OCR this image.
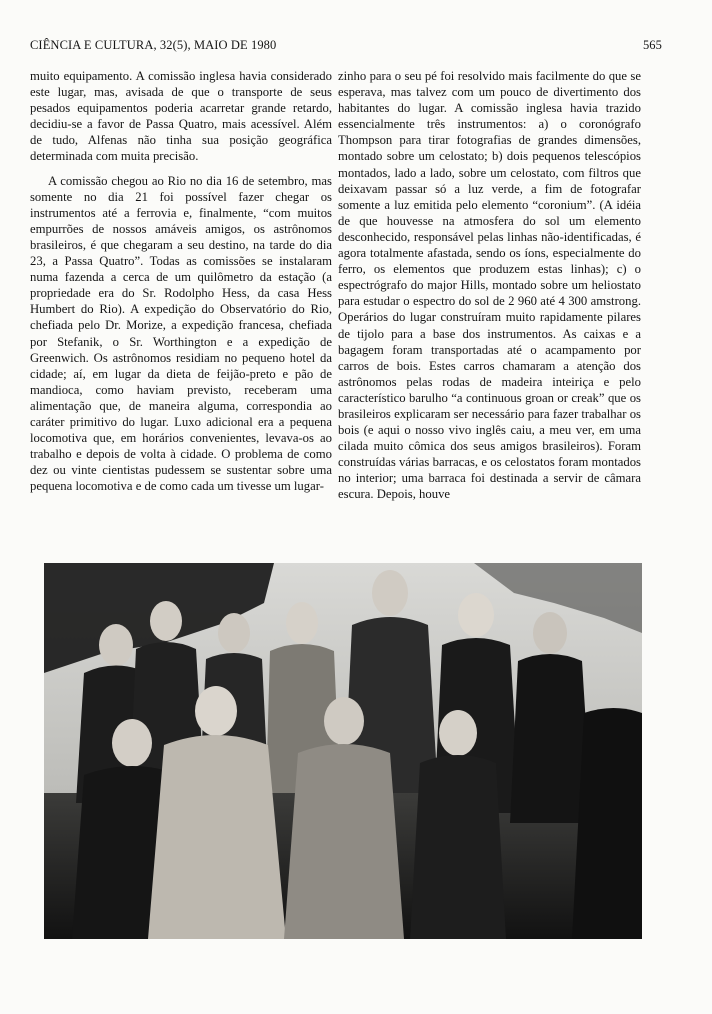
CIÊNCIA E CULTURA, 32(5), MAIO DE 1980	565

muito equipamento. A comissão inglesa havia considerado este lugar, mas, avisada de que o transporte de seus pesados equipamentos poderia acarretar grande retardo, decidiu-se a favor de Passa Quatro, mais acessível. Além de tudo, Alfenas não tinha sua posição geográfica determinada com muita precisão.

A comissão chegou ao Rio no dia 16 de setembro, mas somente no dia 21 foi possível fazer chegar os instrumentos até a ferrovia e, finalmente, “com muitos empurrões de nossos amáveis amigos, os astrônomos brasileiros, é que chegaram a seu destino, na tarde do dia 23, a Passa Quatro”. Todas as comissões se instalaram numa fazenda a cerca de um quilômetro da estação (a propriedade era do Sr. Rodolpho Hess, da casa Hess Humbert do Rio). A expedição do Observatório do Rio, chefiada pelo Dr. Morize, a expedição francesa, chefiada por Stefanik, o Sr. Worthington e a expedição de Greenwich. Os astrônomos residiam no pequeno hotel da cidade; aí, em lugar da dieta de feijão-preto e pão de mandioca, como haviam previsto, receberam uma alimentação que, de maneira alguma, correspondia ao caráter primitivo do lugar. Luxo adicional era a pequena locomotiva que, em horários convenientes, levava-os ao trabalho e depois de volta à cidade. O problema de como dez ou vinte cientistas pudessem se sustentar sobre uma pequena locomotiva e de como cada um tivesse um lugar-

zinho para o seu pé foi resolvido mais facilmente do que se esperava, mas talvez com um pouco de divertimento dos habitantes do lugar. A comissão inglesa havia trazido essencialmente três instrumentos: a) o coronógrafo Thompson para tirar fotografias de grandes dimensões, montado sobre um celostato; b) dois pequenos telescópios montados, lado a lado, sobre um celostato, com filtros que deixavam passar só a luz verde, a fim de fotografar somente a luz emitida pelo elemento “coronium”. (A idéia de que houvesse na atmosfera do sol um elemento desconhecido, responsável pelas linhas não-identificadas, é agora totalmente afastada, sendo os íons, especialmente do ferro, os elementos que produzem estas linhas); c) o espectrógrafo do major Hills, montado sobre um heliostato para estudar o espectro do sol de 2 960 até 4 300 amstrong. Operários do lugar construíram muito rapidamente pilares de tijolo para a base dos instrumentos. As caixas e a bagagem foram transportadas até o acampamento por carros de bois. Estes carros chamaram a atenção dos astrônomos pelas rodas de madeira inteiriça e pelo característico barulho “a continuous groan or creak” que os brasileiros explicaram ser necessário para fazer trabalhar os bois (e aqui o nosso vivo inglês caiu, a meu ver, em uma cilada muito cômica dos seus amigos brasileiros). Foram construídas várias barracas, e os celostatos foram montados no interior; uma barraca foi destinada a servir de câmara escura. Depois, houve
